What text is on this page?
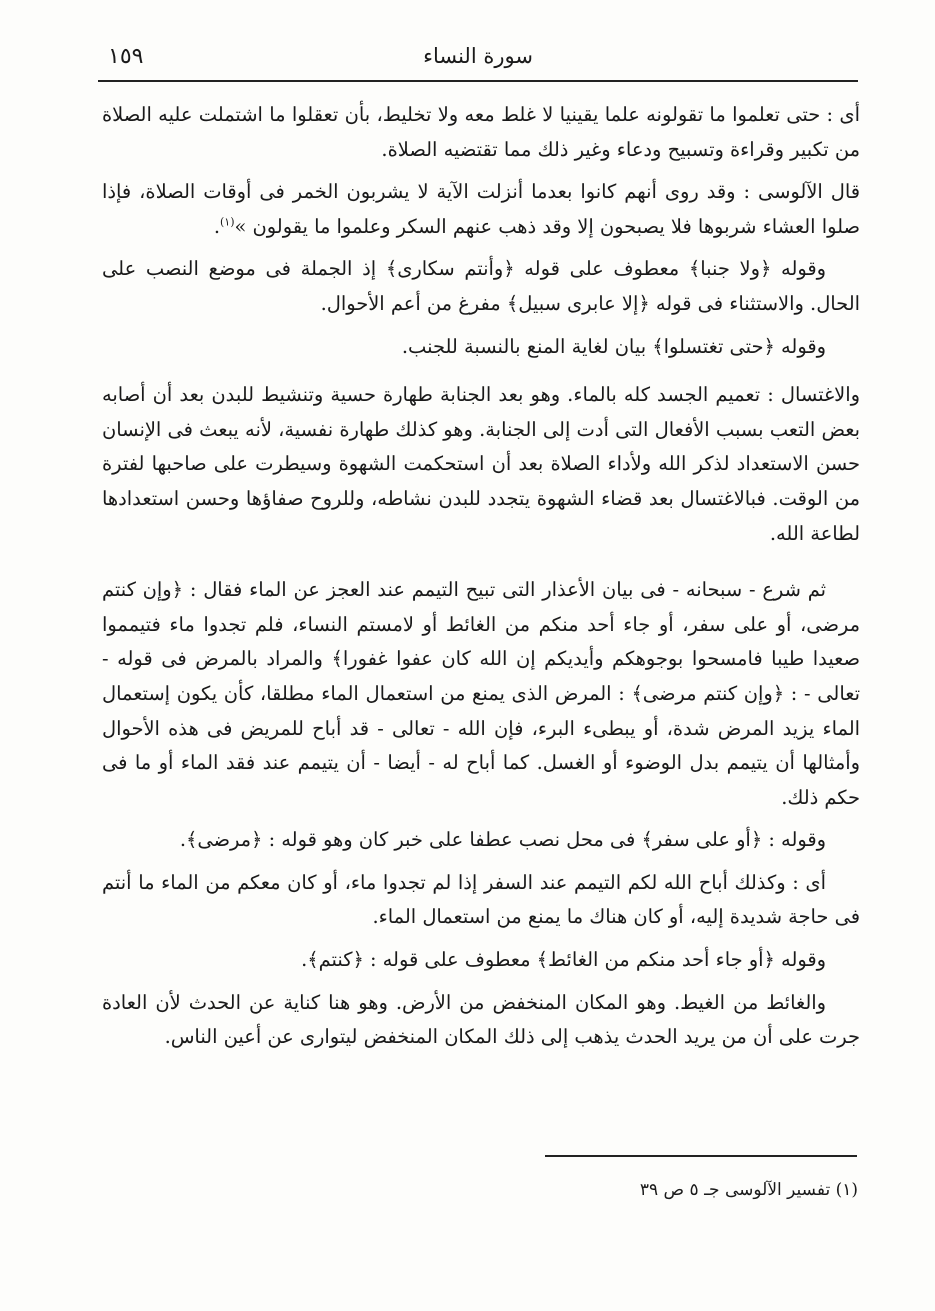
١٥٩	سورة النساء

أى : حتى تعلموا ما تقولونه علما يقينيا لا غلط معه ولا تخليط، بأن تعقلوا ما اشتملت عليه الصلاة من تكبير وقراءة وتسبيح ودعاء وغير ذلك مما تقتضيه الصلاة.

قال الآلوسى : وقد روى أنهم كانوا بعدما أنزلت الآية لا يشربون الخمر فى أوقات الصلاة، فإذا صلوا العشاء شربوها فلا يصبحون إلا وقد ذهب عنهم السكر وعلموا ما يقولون »$^{(١)}$.

وقوله ﴿ولا جنبا﴾ معطوف على قوله ﴿وأنتم سكارى﴾ إذ الجملة فى موضع النصب على الحال. والاستثناء فى قوله ﴿إلا عابرى سبيل﴾ مفرغ من أعم الأحوال.

وقوله ﴿حتى تغتسلوا﴾ بيان لغاية المنع بالنسبة للجنب.

والاغتسال : تعميم الجسد كله بالماء. وهو بعد الجنابة طهارة حسية وتنشيط للبدن بعد أن أصابه بعض التعب بسبب الأفعال التى أدت إلى الجنابة. وهو كذلك طهارة نفسية، لأنه يبعث فى الإنسان حسن الاستعداد لذكر الله ولأداء الصلاة بعد أن استحكمت الشهوة وسيطرت على صاحبها لفترة من الوقت. فبالاغتسال بعد قضاء الشهوة يتجدد للبدن نشاطه، وللروح صفاؤها وحسن استعدادها لطاعة الله.

ثم شرع - سبحانه - فى بيان الأعذار التى تبيح التيمم عند العجز عن الماء فقال : ﴿وإن كنتم مرضى، أو على سفر، أو جاء أحد منكم من الغائط أو لامستم النساء، فلم تجدوا ماء فتيمموا صعيدا طيبا فامسحوا بوجوهكم وأيديكم إن الله كان عفوا غفورا﴾ والمراد بالمرض فى قوله - تعالى - : ﴿وإن كنتم مرضى﴾ : المرض الذى يمنع من استعمال الماء مطلقا، كأن يكون إستعمال الماء يزيد المرض شدة، أو يبطىء البرء، فإن الله - تعالى - قد أباح للمريض فى هذه الأحوال وأمثالها أن يتيمم بدل الوضوء أو الغسل. كما أباح له - أيضا - أن يتيمم عند فقد الماء أو ما فى حكم ذلك.

وقوله : ﴿أو على سفر﴾ فى محل نصب عطفا على خبر كان وهو قوله : ﴿مرضى﴾.

أى : وكذلك أباح الله لكم التيمم عند السفر إذا لم تجدوا ماء، أو كان معكم من الماء ما أنتم فى حاجة شديدة إليه، أو كان هناك ما يمنع من استعمال الماء.

وقوله ﴿أو جاء أحد منكم من الغائط﴾ معطوف على قوله : ﴿كنتم﴾.

والغائط من الغيط. وهو المكان المنخفض من الأرض. وهو هنا كناية عن الحدث لأن العادة جرت على أن من يريد الحدث يذهب إلى ذلك المكان المنخفض ليتوارى عن أعين الناس.

(١) تفسير الآلوسى جـ ٥ ص ٣٩
